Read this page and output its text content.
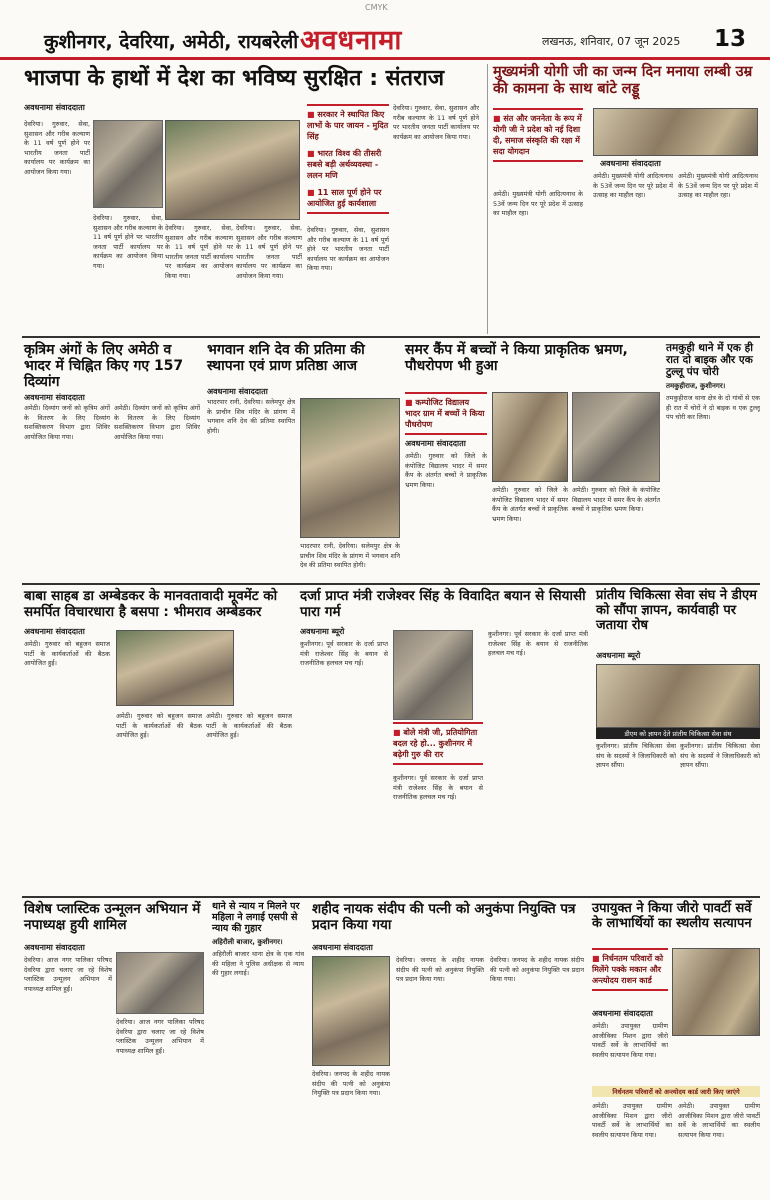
CMYK
कुशीनगर, देवरिया, अमेठी, रायबरेली अवधनामा	लखनऊ, शनिवार, 07 जून 2025 13
भाजपा के हाथों में देश का भविष्य सुरक्षित : संतराज
अवधनामा संवाददाता
देवरिया। गुरुवार, सेवा, सुशासन और गरीब कल्याण के 11 वर्ष पूर्ण होने पर भारतीय जनता पार्टी कार्यालय पर कार्यक्रम का आयोजन किया गया।
देवरिया। गुरुवार, सेवा, सुशासन और गरीब कल्याण के 11 वर्ष पूर्ण होने पर भारतीय जनता पार्टी कार्यालय पर कार्यक्रम का आयोजन किया गया।
देवरिया। गुरुवार, सेवा, सुशासन और गरीब कल्याण के 11 वर्ष पूर्ण होने पर भारतीय जनता पार्टी कार्यालय पर कार्यक्रम का आयोजन किया गया।
देवरिया। गुरुवार, सेवा, सुशासन और गरीब कल्याण के 11 वर्ष पूर्ण होने पर भारतीय जनता पार्टी कार्यालय पर कार्यक्रम का आयोजन किया गया।
■ सरकार ने स्थापित किए लाभों के पार जायन - मुदित सिंह
■ भारत विश्व की तीसरी सबसे बड़ी अर्थव्यवस्था - ललन मणि
■ 11 साल पूर्ण होने पर आयोजित हुई कार्यशाला
देवरिया। गुरुवार, सेवा, सुशासन और गरीब कल्याण के 11 वर्ष पूर्ण होने पर भारतीय जनता पार्टी कार्यालय पर कार्यक्रम का आयोजन किया गया।
देवरिया। गुरुवार, सेवा, सुशासन और गरीब कल्याण के 11 वर्ष पूर्ण होने पर भारतीय जनता पार्टी कार्यालय पर कार्यक्रम का आयोजन किया गया।
मुख्यमंत्री योगी जी का जन्म दिन मनाया लम्बी उम्र की कामना के साथ बांटे लड्डू
■ संत और जननेता के रूप में योगी जी ने प्रदेश को नई दिशा दी, समाज संस्कृति की रक्षा में सदा योगदान
अवधनामा संवाददाता
अमेठी। मुख्यमंत्री योगी आदित्यनाथ के 53वें जन्म दिन पर पूरे प्रदेश में उत्साह का माहौल रहा।
अमेठी। मुख्यमंत्री योगी आदित्यनाथ के 53वें जन्म दिन पर पूरे प्रदेश में उत्साह का माहौल रहा।
अमेठी। मुख्यमंत्री योगी आदित्यनाथ के 53वें जन्म दिन पर पूरे प्रदेश में उत्साह का माहौल रहा।
कृत्रिम अंगों के लिए अमेठी व भादर में चिह्नित किए गए 157 दिव्यांग
अवधनामा संवाददाता
अमेठी। दिव्यांग जनों को कृत्रिम अंगों के वितरण के लिए दिव्यांग सशक्तिकरण विभाग द्वारा शिविर आयोजित किया गया।
अमेठी। दिव्यांग जनों को कृत्रिम अंगों के वितरण के लिए दिव्यांग सशक्तिकरण विभाग द्वारा शिविर आयोजित किया गया।
भगवान शनि देव की प्रतिमा की स्थापना एवं प्राण प्रतिष्ठा आज
अवधनामा संवाददाता
भादरपार रानी, देवरिया। सलेमपुर क्षेत्र के प्राचीन शिव मंदिर के प्रांगण में भगवान शनि देव की प्रतिमा स्थापित होगी।
भादरपार रानी, देवरिया। सलेमपुर क्षेत्र के प्राचीन शिव मंदिर के प्रांगण में भगवान शनि देव की प्रतिमा स्थापित होगी।
समर कैंप में बच्चों ने किया प्राकृतिक भ्रमण, पौधरोपण भी हुआ
■ कम्पोजिट विद्यालय भादर ग्राम में बच्चों ने किया पौधरोपण
अवधनामा संवाददाता
अमेठी। गुरुवार को जिले के कंपोजिट विद्यालय भादर में समर कैंप के अंतर्गत बच्चों ने प्राकृतिक भ्रमण किया।
अमेठी। गुरुवार को जिले के कंपोजिट विद्यालय भादर में समर कैंप के अंतर्गत बच्चों ने प्राकृतिक भ्रमण किया।
अमेठी। गुरुवार को जिले के कंपोजिट विद्यालय भादर में समर कैंप के अंतर्गत बच्चों ने प्राकृतिक भ्रमण किया।
तमकुही थाने में एक ही रात दो बाइक और एक टुल्लू पंप चोरी
तमकुहीराज, कुशीनगर।
तमकुहीराज थाना क्षेत्र के दो गांवों से एक ही रात में चोरों ने दो बाइक व एक टुल्लू पंप चोरी कर लिया।
बाबा साहब डा अम्बेडकर के मानवतावादी मूवमेंट को समर्पित विचारधारा है बसपा : भीमराव अम्बेडकर
अवधनामा संवाददाता
अमेठी। गुरुवार को बहुजन समाज पार्टी के कार्यकर्ताओं की बैठक आयोजित हुई।
अमेठी। गुरुवार को बहुजन समाज पार्टी के कार्यकर्ताओं की बैठक आयोजित हुई।
अमेठी। गुरुवार को बहुजन समाज पार्टी के कार्यकर्ताओं की बैठक आयोजित हुई।
दर्जा प्राप्त मंत्री राजेश्वर सिंह के विवादित बयान से सियासी पारा गर्म
अवधनामा ब्यूरो
कुशीनगर। पूर्व सरकार के दर्जा प्राप्त मंत्री राजेश्वर सिंह के बयान से राजनीतिक हलचल मच गई।
■ बोले मंत्री जी, प्रतियोगिता बदल रहे हो... कुशीनगर में बढ़ेगी गुरु की रार
कुशीनगर। पूर्व सरकार के दर्जा प्राप्त मंत्री राजेश्वर सिंह के बयान से राजनीतिक हलचल मच गई।
कुशीनगर। पूर्व सरकार के दर्जा प्राप्त मंत्री राजेश्वर सिंह के बयान से राजनीतिक हलचल मच गई।
प्रांतीय चिकित्सा सेवा संघ ने डीएम को सौंपा ज्ञापन, कार्यवाही पर जताया रोष
अवधनामा ब्यूरो
डीएम को ज्ञापन देते प्रांतीय चिकित्सा सेवा संघ
कुशीनगर। प्रांतीय चिकित्सा सेवा संघ के सदस्यों ने जिलाधिकारी को ज्ञापन सौंपा।
कुशीनगर। प्रांतीय चिकित्सा सेवा संघ के सदस्यों ने जिलाधिकारी को ज्ञापन सौंपा।
विशेष प्लास्टिक उन्मूलन अभियान में नपाध्यक्ष हुयी शामिल
अवधनामा संवाददाता
देवरिया। आज नगर पालिका परिषद देवरिया द्वारा चलाए जा रहे विशेष प्लास्टिक उन्मूलन अभियान में नपाध्यक्ष शामिल हुईं।
देवरिया। आज नगर पालिका परिषद देवरिया द्वारा चलाए जा रहे विशेष प्लास्टिक उन्मूलन अभियान में नपाध्यक्ष शामिल हुईं।
थाने से न्याय न मिलने पर महिला ने लगाई एसपी से न्याय की गुहार
अहिरौली बाजार, कुशीनगर।
अहिरौली बाजार थाना क्षेत्र के एक गांव की महिला ने पुलिस अधीक्षक से न्याय की गुहार लगाई।
शहीद नायक संदीप की पत्नी को अनुकंपा नियुक्ति पत्र प्रदान किया गया
अवधनामा संवाददाता
देवरिया। जनपद के शहीद नायक संदीप की पत्नी को अनुकंपा नियुक्ति पत्र प्रदान किया गया।
देवरिया। जनपद के शहीद नायक संदीप की पत्नी को अनुकंपा नियुक्ति पत्र प्रदान किया गया।
देवरिया। जनपद के शहीद नायक संदीप की पत्नी को अनुकंपा नियुक्ति पत्र प्रदान किया गया।
उपायुक्त ने किया जीरो पावर्टी सर्वे के लाभार्थियों का स्थलीय सत्यापन
■ निर्धनतम परिवारों को मिलेंगे पक्के मकान और अन्त्योदय राशन कार्ड
अवधनामा संवाददाता
अमेठी। उपायुक्त ग्रामीण आजीविका मिशन द्वारा जीरो पावर्टी सर्वे के लाभार्थियों का स्थलीय सत्यापन किया गया।
निर्धनतम परिवारों को अन्त्योदय कार्ड जारी किए जाएंगे
अमेठी। उपायुक्त ग्रामीण आजीविका मिशन द्वारा जीरो पावर्टी सर्वे के लाभार्थियों का स्थलीय सत्यापन किया गया।
अमेठी। उपायुक्त ग्रामीण आजीविका मिशन द्वारा जीरो पावर्टी सर्वे के लाभार्थियों का स्थलीय सत्यापन किया गया।
